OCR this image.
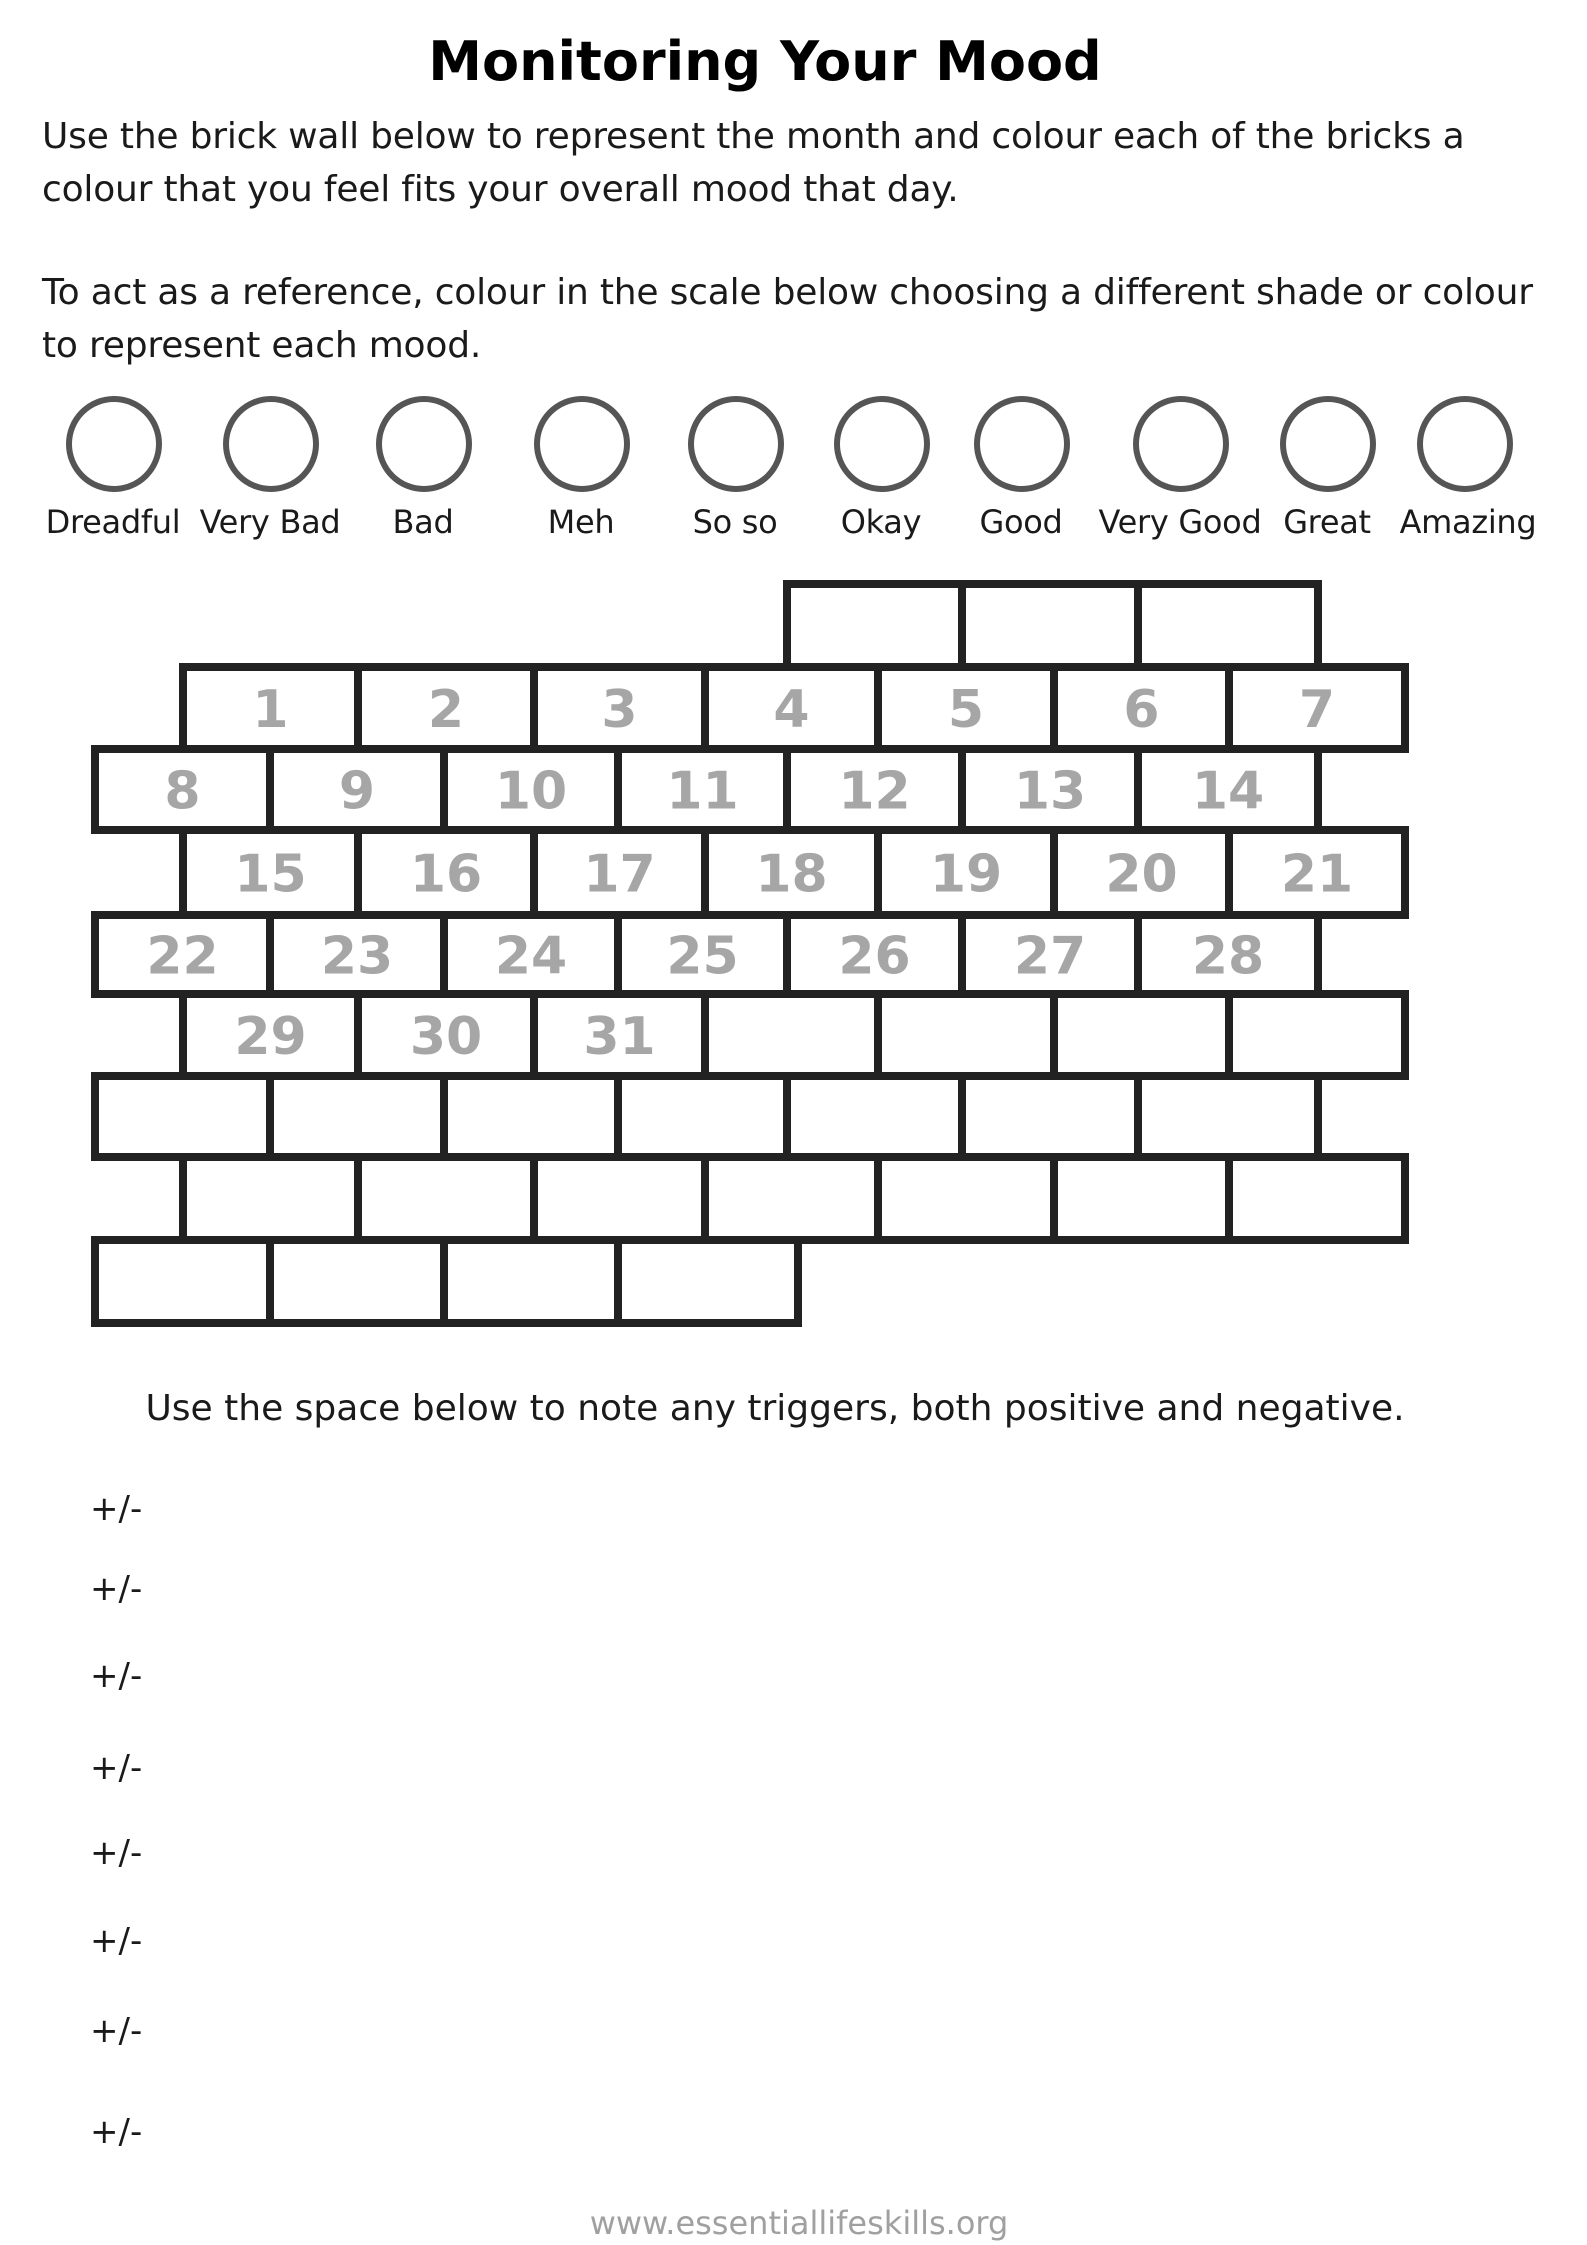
Monitoring Your Mood
Use the brick wall below to represent the month and colour each of the bricks a colour that you feel fits your overall mood that day.
To act as a reference, colour in the scale below choosing a different shade or colour to represent each mood.
Dreadful Very Bad	Bad	Meh	So so	Okay	Good	Very Good Great Amazing
1	2	3	4	5	6	7
8	9 10 11 12 13 14
15 16 17 18 19 20 21
22 23 24 25 26 27 28
29 30 31
Use the space below to note any triggers, both positive and negative.
+/-
+/-
+/-
+/-
+/-
+/-
+/-
+/-
www.essentiallifeskills.org
